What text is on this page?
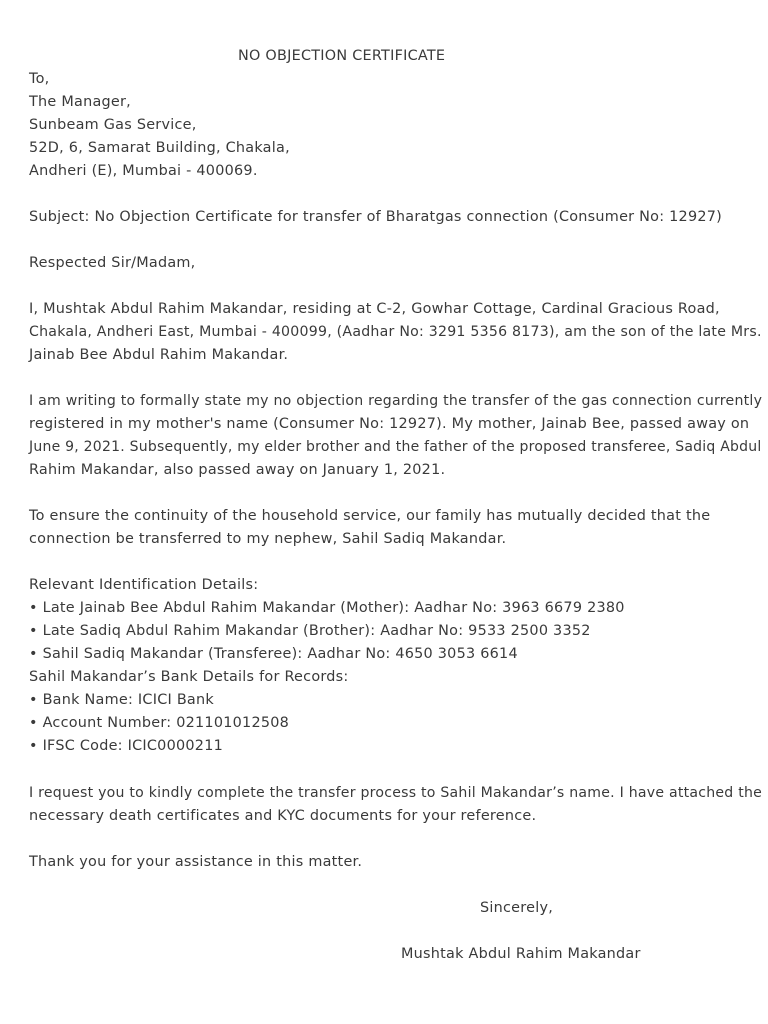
NO OBJECTION CERTIFICATE
To,
The Manager,
Sunbeam Gas Service,
52D, 6, Samarat Building, Chakala,
Andheri (E), Mumbai - 400069.
Subject: No Objection Certificate for transfer of Bharatgas connection (Consumer No: 12927)
Respected Sir/Madam,
I, Mushtak Abdul Rahim Makandar, residing at C-2, Gowhar Cottage, Cardinal Gracious Road,
Chakala, Andheri East, Mumbai - 400099, (Aadhar No: 3291 5356 8173), am the son of the late Mrs.
Jainab Bee Abdul Rahim Makandar.
I am writing to formally state my no objection regarding the transfer of the gas connection currently
registered in my mother's name (Consumer No: 12927). My mother, Jainab Bee, passed away on
June 9, 2021. Subsequently, my elder brother and the father of the proposed transferee, Sadiq Abdul
Rahim Makandar, also passed away on January 1, 2021.
To ensure the continuity of the household service, our family has mutually decided that the
connection be transferred to my nephew, Sahil Sadiq Makandar.
Relevant Identification Details:
• Late Jainab Bee Abdul Rahim Makandar (Mother): Aadhar No: 3963 6679 2380
• Late Sadiq Abdul Rahim Makandar (Brother): Aadhar No: 9533 2500 3352
• Sahil Sadiq Makandar (Transferee): Aadhar No: 4650 3053 6614
Sahil Makandar’s Bank Details for Records:
• Bank Name: ICICI Bank
• Account Number: 021101012508
• IFSC Code: ICIC0000211
I request you to kindly complete the transfer process to Sahil Makandar’s name. I have attached the
necessary death certificates and KYC documents for your reference.
Thank you for your assistance in this matter.
Sincerely,
Mushtak Abdul Rahim Makandar
